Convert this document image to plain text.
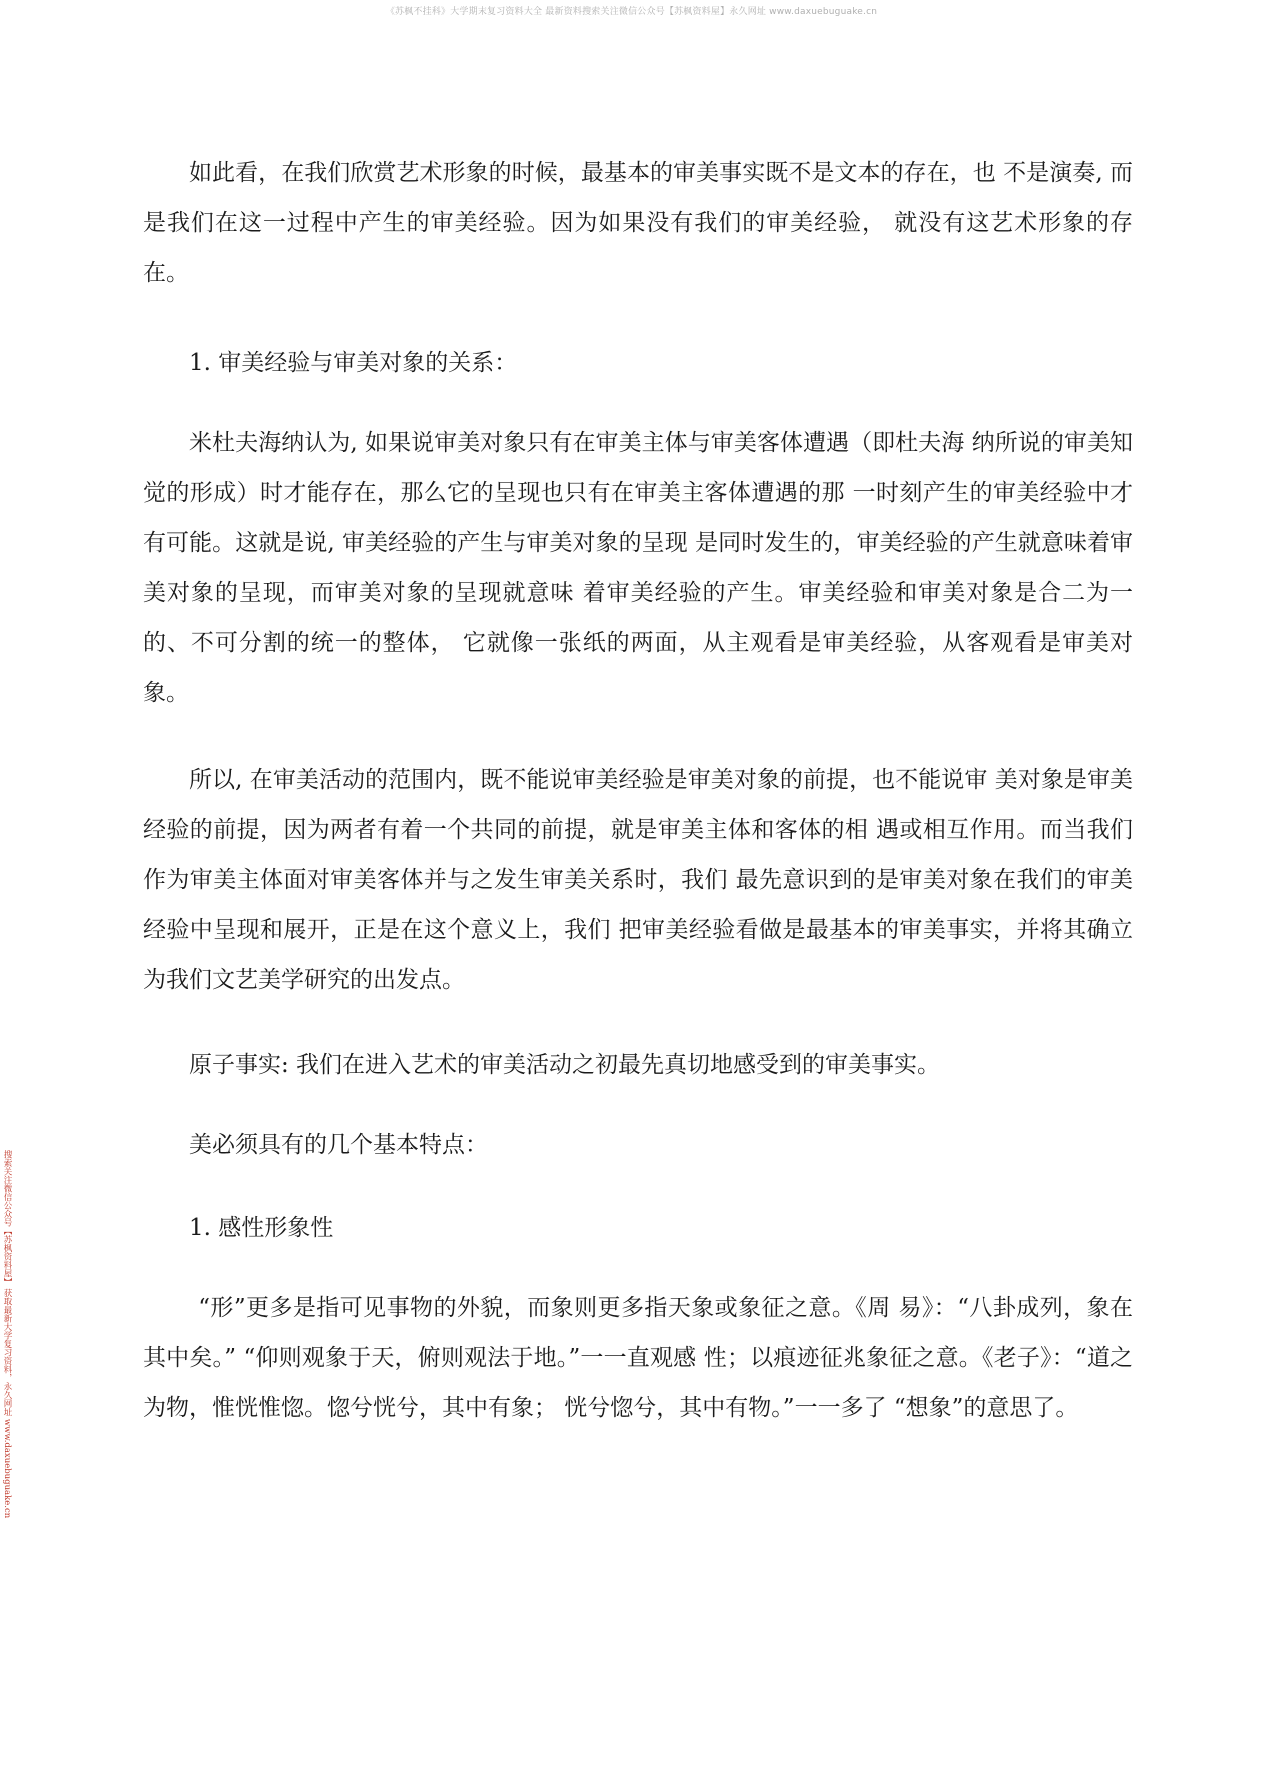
《苏枫不挂科》大学期末复习资料大全 最新资料搜索关注微信公众号【苏枫资料屋】永久网址 www.daxuebuguake.cn
搜索关注微信公众号【苏枫资料屋】 获取最新大学复习资料，永久网址 www.daxuebuguake.cn

如此看，在我们欣赏艺术形象的时候，最基本的审美事实既不是文本的存在，也 不是演奏, 而是我们在这一过程中产生的审美经验。因为如果没有我们的审美经验， 就没有这艺术形象的存在。

1. 审美经验与审美对象的关系：

米杜夫海纳认为, 如果说审美对象只有在审美主体与审美客体遭遇（即杜夫海 纳所说的审美知觉的形成）时才能存在，那么它的呈现也只有在审美主客体遭遇的那 一时刻产生的审美经验中才有可能。这就是说, 审美经验的产生与审美对象的呈现 是同时发生的，审美经验的产生就意味着审美对象的呈现，而审美对象的呈现就意味 着审美经验的产生。审美经验和审美对象是合二为一的、不可分割的统一的整体， 它就像一张纸的两面，从主观看是审美经验，从客观看是审美对象。

所以, 在审美活动的范围内，既不能说审美经验是审美对象的前提，也不能说审 美对象是审美经验的前提，因为两者有着一个共同的前提，就是审美主体和客体的相 遇或相互作用。而当我们作为审美主体面对审美客体并与之发生审美关系时，我们 最先意识到的是审美对象在我们的审美经验中呈现和展开，正是在这个意义上，我们 把审美经验看做是最基本的审美事实，并将其确立为我们文艺美学研究的出发点。

原子事实: 我们在进入艺术的审美活动之初最先真切地感受到的审美事实。

美必须具有的几个基本特点：

1. 感性形象性

“形”更多是指可见事物的外貌，而象则更多指天象或象征之意。《周 易》：“八卦成列，象在其中矣。” “仰则观象于天，俯则观法于地。”一一直观感 性；以痕迹征兆象征之意。《老子》：“道之为物，惟恍惟惚。惚兮恍兮，其中有象； 恍兮惚兮，其中有物。”一一多了 “想象”的意思了。
